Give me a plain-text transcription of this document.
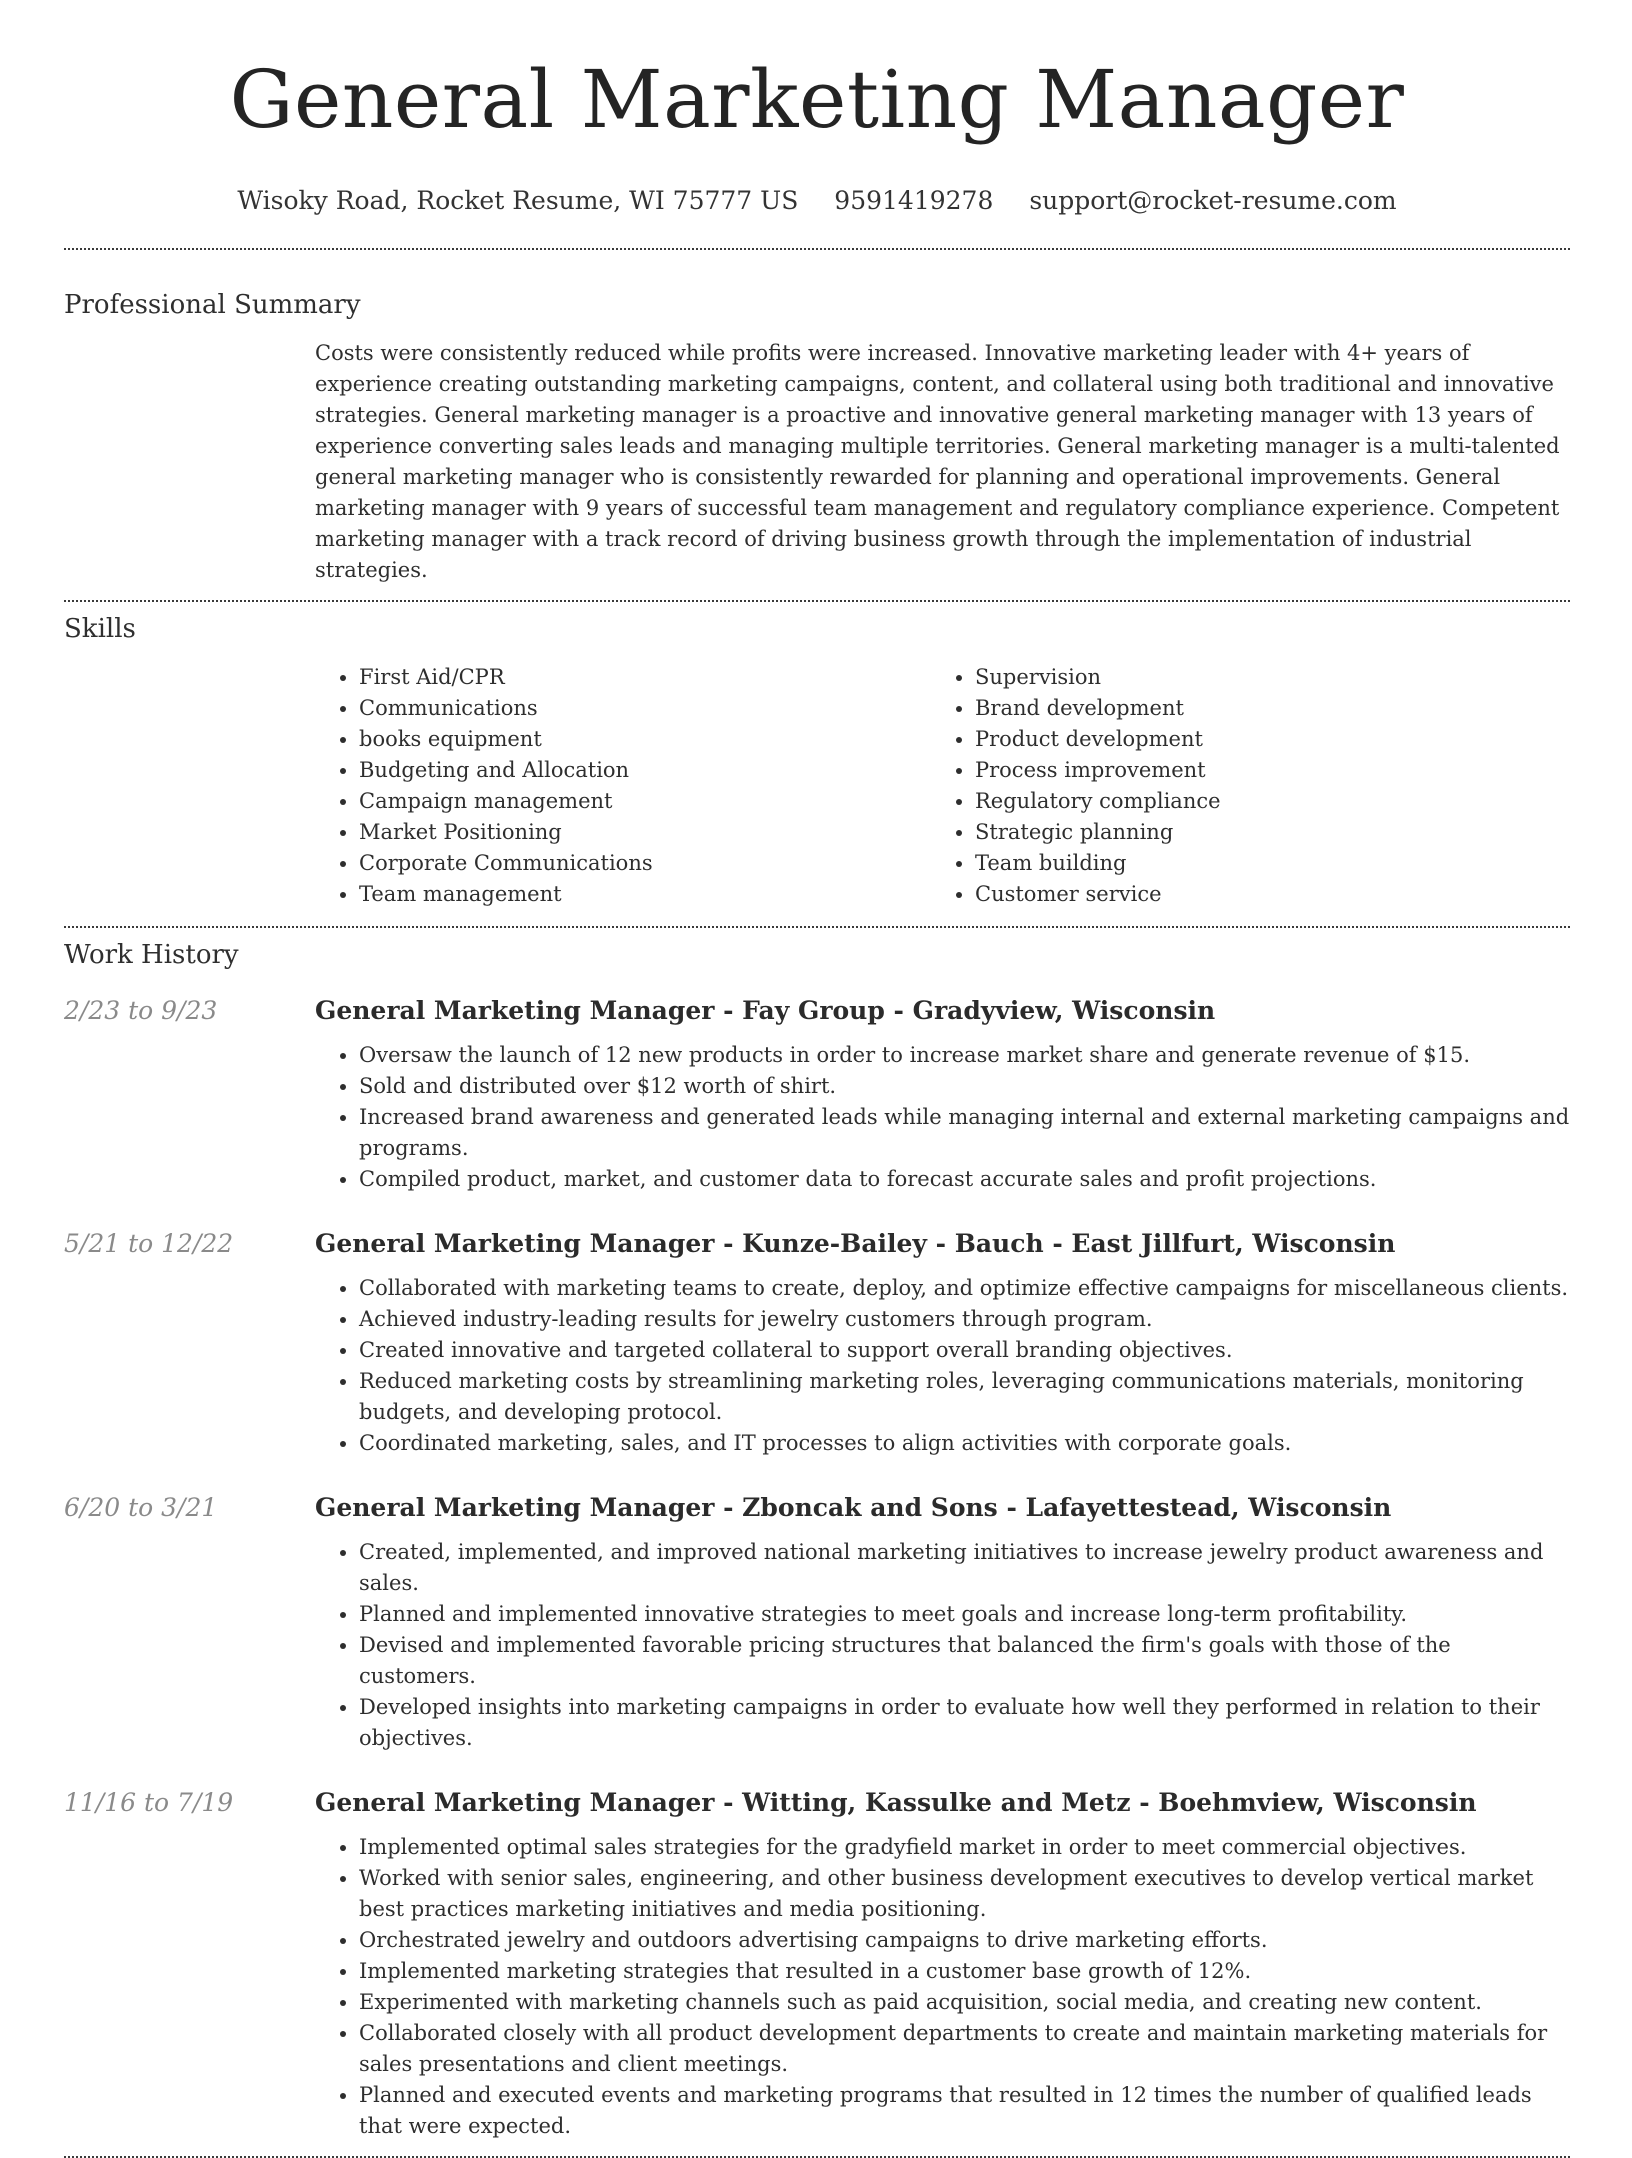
General Marketing Manager
Wisoky Road, Rocket Resume, WI 75777 US 9591419278 support@rocket-resume.com
Professional Summary

Costs were consistently reduced while profits were increased. Innovative marketing leader with 4+ years of experience creating outstanding marketing campaigns, content, and collateral using both traditional and innovative strategies. General marketing manager is a proactive and innovative general marketing manager with 13 years of experience converting sales leads and managing multiple territories. General marketing manager is a multi-talented general marketing manager who is consistently rewarded for planning and operational improvements. General marketing manager with 9 years of successful team management and regulatory compliance experience. Competent marketing manager with a track record of driving business growth through the implementation of industrial strategies.

Skills
• First Aid/CPR
• Communications
• books equipment
• Budgeting and Allocation
• Campaign management
• Market Positioning
• Corporate Communications
• Team management
• Supervision
• Brand development
• Product development
• Process improvement
• Regulatory compliance
• Strategic planning
• Team building
• Customer service
Work History
2/23 to 9/23	General Marketing Manager - Fay Group - Gradyview, Wisconsin
• Oversaw the launch of 12 new products in order to increase market share and generate revenue of $15.
• Sold and distributed over $12 worth of shirt.
• Increased brand awareness and generated leads while managing internal and external marketing campaigns and programs.
• Compiled product, market, and customer data to forecast accurate sales and profit projections.
5/21 to 12/22	General Marketing Manager - Kunze-Bailey - Bauch - East Jillfurt, Wisconsin
• Collaborated with marketing teams to create, deploy, and optimize effective campaigns for miscellaneous clients.
• Achieved industry-leading results for jewelry customers through program.
• Created innovative and targeted collateral to support overall branding objectives.
• Reduced marketing costs by streamlining marketing roles, leveraging communications materials, monitoring budgets, and developing protocol.
• Coordinated marketing, sales, and IT processes to align activities with corporate goals.
6/20 to 3/21	General Marketing Manager - Zboncak and Sons - Lafayettestead, Wisconsin
• Created, implemented, and improved national marketing initiatives to increase jewelry product awareness and sales.
• Planned and implemented innovative strategies to meet goals and increase long-term profitability.
• Devised and implemented favorable pricing structures that balanced the firm's goals with those of the customers.
• Developed insights into marketing campaigns in order to evaluate how well they performed in relation to their objectives.
11/16 to 7/19	General Marketing Manager - Witting, Kassulke and Metz - Boehmview, Wisconsin
• Implemented optimal sales strategies for the gradyfield market in order to meet commercial objectives.
• Worked with senior sales, engineering, and other business development executives to develop vertical market best practices marketing initiatives and media positioning.
• Orchestrated jewelry and outdoors advertising campaigns to drive marketing efforts.
• Implemented marketing strategies that resulted in a customer base growth of 12%.
• Experimented with marketing channels such as paid acquisition, social media, and creating new content.
• Collaborated closely with all product development departments to create and maintain marketing materials for sales presentations and client meetings.
• Planned and executed events and marketing programs that resulted in 12 times the number of qualified leads that were expected.
